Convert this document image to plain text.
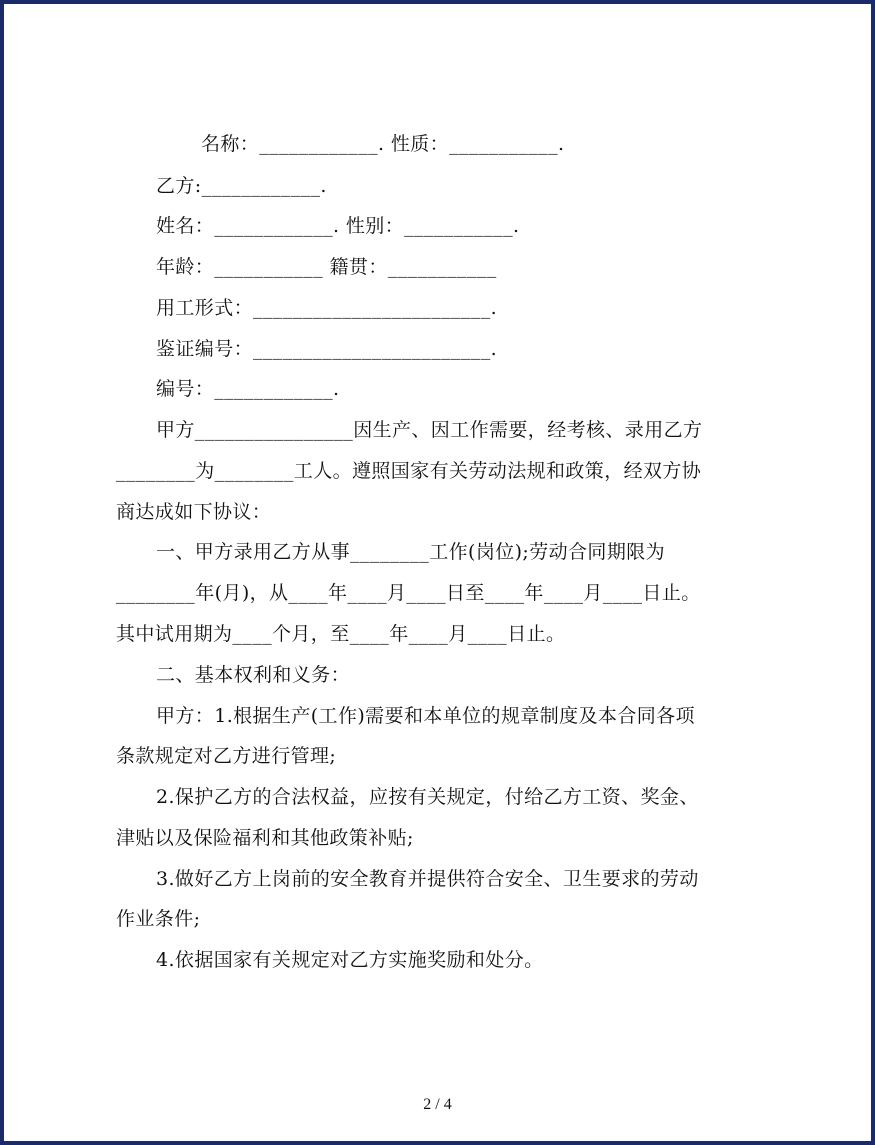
名称：____________. 性质：___________.
乙方:____________.
姓名：____________. 性别：___________.
年龄：___________ 籍贯：___________
用工形式：________________________.
鉴证编号：________________________.
编号：____________.
甲方________________因生产、因工作需要，经考核、录用乙方
________为________工人。遵照国家有关劳动法规和政策，经双方协
商达成如下协议：
一、甲方录用乙方从事________工作(岗位);劳动合同期限为
________年(月)，从____年____月____日至____年____月____日止。
其中试用期为____个月，至____年____月____日止。
二、基本权利和义务：
甲方：1.根据生产(工作)需要和本单位的规章制度及本合同各项
条款规定对乙方进行管理;
2.保护乙方的合法权益，应按有关规定，付给乙方工资、奖金、
津贴以及保险福利和其他政策补贴;
3.做好乙方上岗前的安全教育并提供符合安全、卫生要求的劳动
作业条件;
4.依据国家有关规定对乙方实施奖励和处分。
2 / 4
